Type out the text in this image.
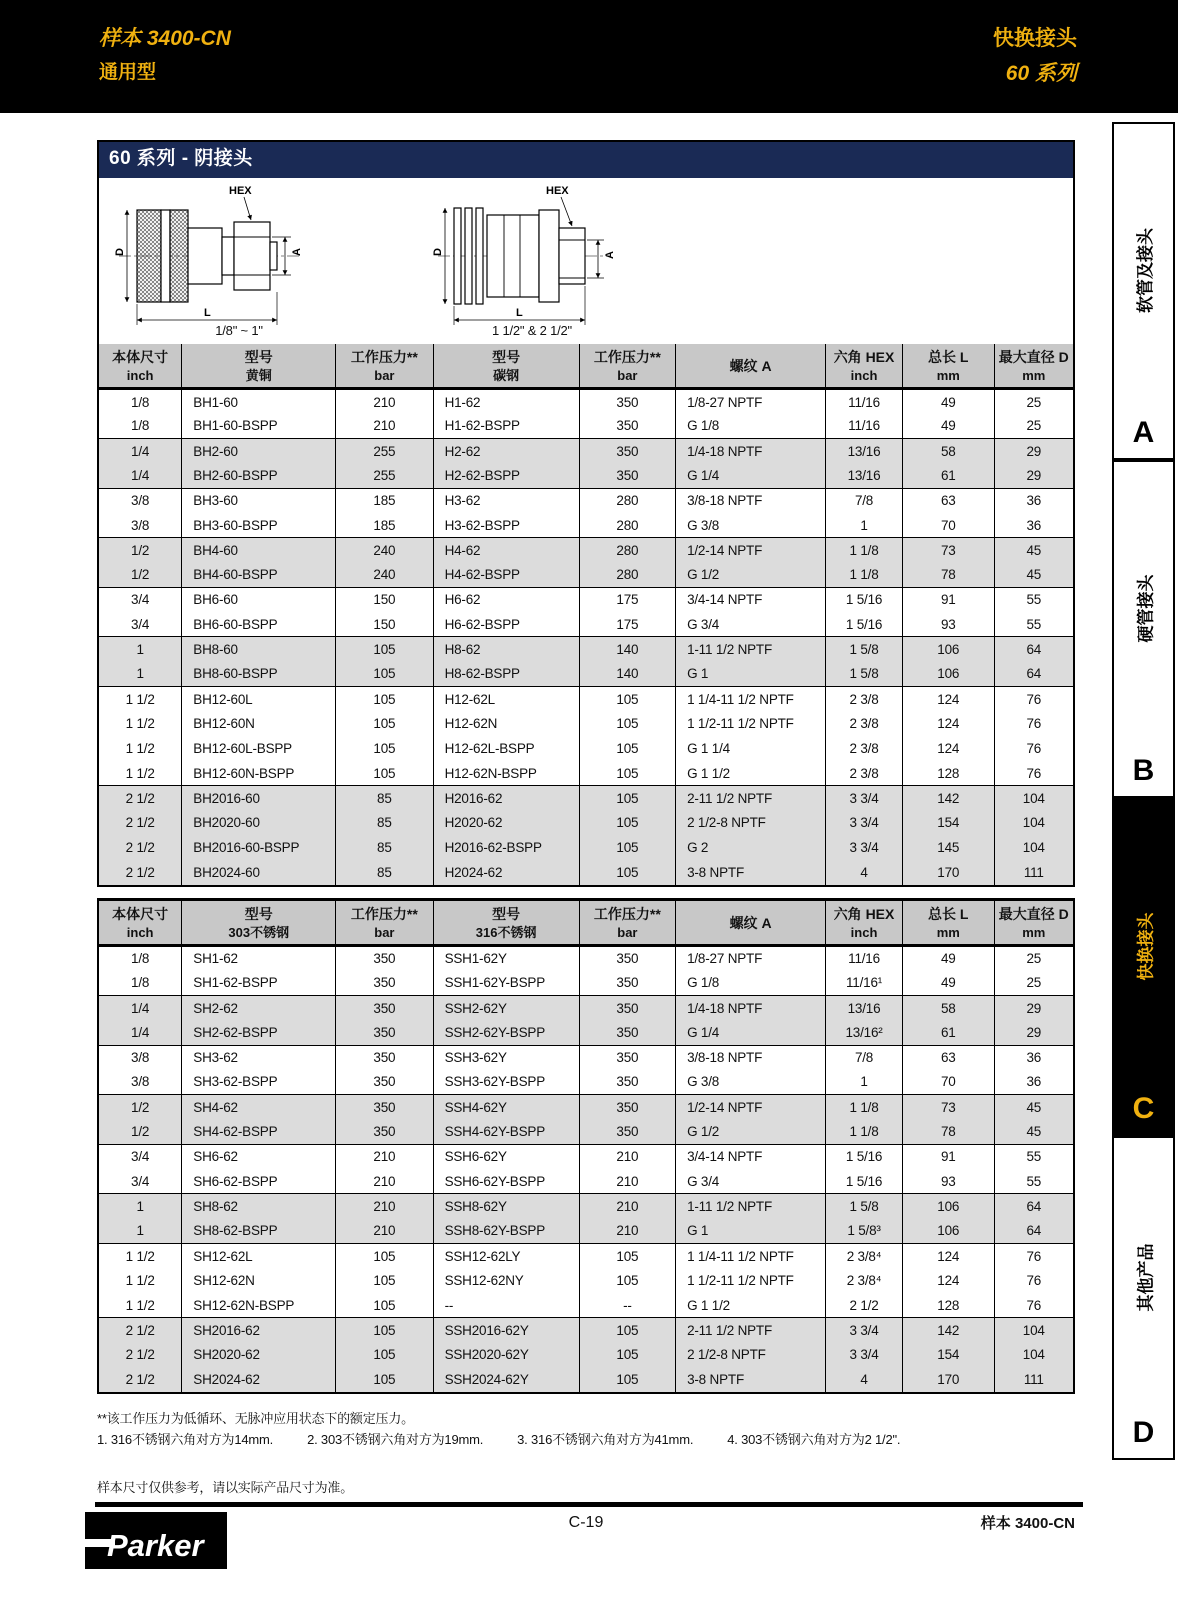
样本 3400-CN
通用型
快换接头
60 系列
60 系列 - 阴接头
D
L
A
HEX
D
L
A
HEX
1/8" ~ 1"	1 1/2" & 2 1/2"
本体尺寸
inch

型号
黄铜

工作压力**
bar

型号
碳钢

工作压力**
bar

螺纹 A

六角 HEX
inch

总长 L
mm

最大直径 D
mm

1/8	BH1-60	210	H1-62	350	1/8-27 NPTF	11/16	49	25
1/8	BH1-60-BSPP	210	H1-62-BSPP	350	G 1/8	11/16	49	25
1/4	BH2-60	255	H2-62	350	1/4-18 NPTF	13/16	58	29
1/4	BH2-60-BSPP	255	H2-62-BSPP	350	G 1/4	13/16	61	29
3/8	BH3-60	185	H3-62	280	3/8-18 NPTF	7/8	63	36
3/8	BH3-60-BSPP	185	H3-62-BSPP	280	G 3/8	1	70	36
1/2	BH4-60	240	H4-62	280	1/2-14 NPTF	1 1/8	73	45
1/2	BH4-60-BSPP	240	H4-62-BSPP	280	G 1/2	1 1/8	78	45
3/4	BH6-60	150	H6-62	175	3/4-14 NPTF	1 5/16	91	55
3/4	BH6-60-BSPP	150	H6-62-BSPP	175	G 3/4	1 5/16	93	55
1	BH8-60	105	H8-62	140	1-11 1/2 NPTF	1 5/8	106	64
1	BH8-60-BSPP	105	H8-62-BSPP	140	G 1	1 5/8	106	64
1 1/2	BH12-60L	105	H12-62L	105	1 1/4-11 1/2 NPTF	2 3/8	124	76
1 1/2	BH12-60N	105	H12-62N	105	1 1/2-11 1/2 NPTF	2 3/8	124	76
1 1/2	BH12-60L-BSPP	105	H12-62L-BSPP	105	G 1 1/4	2 3/8	124	76
1 1/2	BH12-60N-BSPP	105	H12-62N-BSPP	105	G 1 1/2	2 3/8	128	76
2 1/2	BH2016-60	85	H2016-62	105	2-11 1/2 NPTF	3 3/4	142	104
2 1/2	BH2020-60	85	H2020-62	105	2 1/2-8 NPTF	3 3/4	154	104
2 1/2	BH2016-60-BSPP	85	H2016-62-BSPP	105	G 2	3 3/4	145	104
2 1/2	BH2024-60	85	H2024-62	105	3-8 NPTF	4	170	111
本体尺寸
inch

型号
303不锈钢

工作压力**
bar

型号
316不锈钢

工作压力**
bar

螺纹 A

六角 HEX
inch

总长 L
mm

最大直径 D
mm

1/8	SH1-62	350	SSH1-62Y	350	1/8-27 NPTF	11/16	49	25
1/8	SH1-62-BSPP	350	SSH1-62Y-BSPP	350	G 1/8	11/16¹	49	25
1/4	SH2-62	350	SSH2-62Y	350	1/4-18 NPTF	13/16	58	29
1/4	SH2-62-BSPP	350	SSH2-62Y-BSPP	350	G 1/4	13/16²	61	29
3/8	SH3-62	350	SSH3-62Y	350	3/8-18 NPTF	7/8	63	36
3/8	SH3-62-BSPP	350	SSH3-62Y-BSPP	350	G 3/8	1	70	36
1/2	SH4-62	350	SSH4-62Y	350	1/2-14 NPTF	1 1/8	73	45
1/2	SH4-62-BSPP	350	SSH4-62Y-BSPP	350	G 1/2	1 1/8	78	45
3/4	SH6-62	210	SSH6-62Y	210	3/4-14 NPTF	1 5/16	91	55
3/4	SH6-62-BSPP	210	SSH6-62Y-BSPP	210	G 3/4	1 5/16	93	55
1	SH8-62	210	SSH8-62Y	210	1-11 1/2 NPTF	1 5/8	106	64
1	SH8-62-BSPP	210	SSH8-62Y-BSPP	210	G 1	1 5/8³	106	64
1 1/2	SH12-62L	105	SSH12-62LY	105	1 1/4-11 1/2 NPTF	2 3/8⁴	124	76
1 1/2	SH12-62N	105	SSH12-62NY	105	1 1/2-11 1/2 NPTF	2 3/8⁴	124	76
1 1/2	SH12-62N-BSPP	105	--	--	G 1 1/2	2 1/2	128	76
2 1/2	SH2016-62	105	SSH2016-62Y	105	2-11 1/2 NPTF	3 3/4	142	104
2 1/2	SH2020-62	105	SSH2020-62Y	105	2 1/2-8 NPTF	3 3/4	154	104
2 1/2	SH2024-62	105	SSH2024-62Y	105	3-8 NPTF	4	170	111
**该工作压力为低循环、无脉冲应用状态下的额定压力。
1. 316不锈钢六角对方为14mm.	2. 303不锈钢六角对方为19mm.	3. 316不锈钢六角对方为41mm.	4. 303不锈钢六角对方为2 1/2".
样本尺寸仅供参考，请以实际产品尺寸为准。
Parker
C-19	样本 3400-CN
软管及接头
A
硬管接头
B
快换接头
C
其他产品
D
